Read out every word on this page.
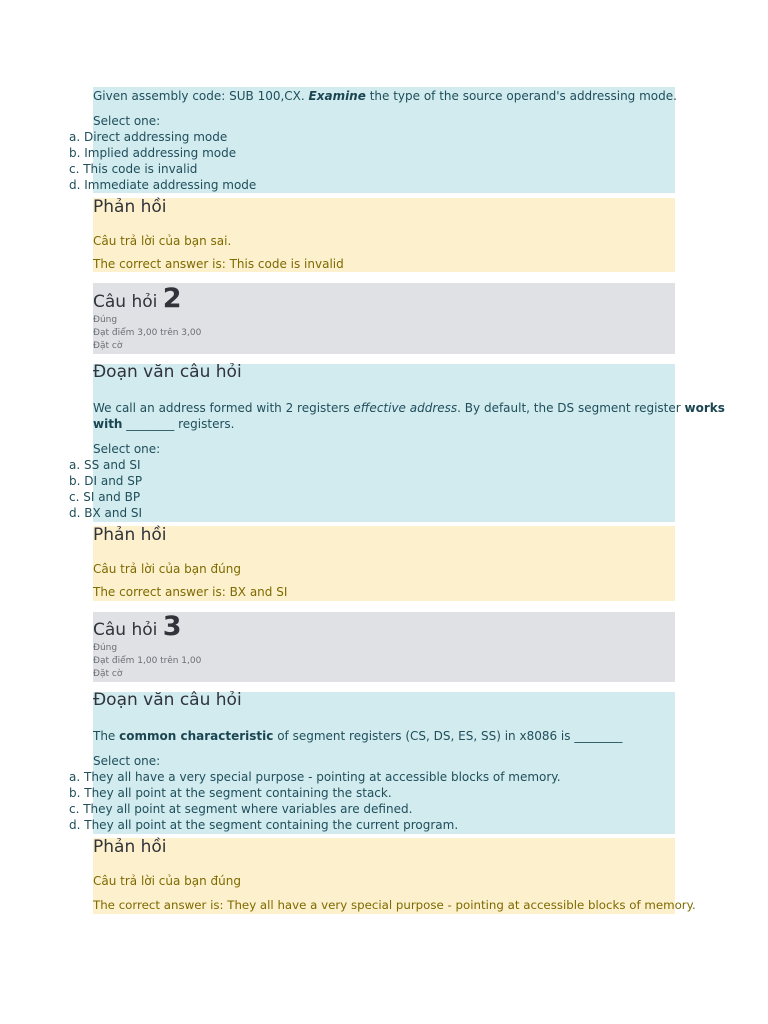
Given assembly code: SUB 100,CX. Examine the type of the source operand's addressing mode.
Select one:
a. Direct addressing mode
b. Implied addressing mode
c. This code is invalid
d. Immediate addressing mode
Phản hồi
Câu trả lời của bạn sai.
The correct answer is: This code is invalid
Câu hỏi 2
Đúng
Đạt điểm 3,00 trên 3,00
Đặt cờ
Đoạn văn câu hỏi
We call an address formed with 2 registers effective address. By default, the DS segment register works
with ________ registers.
Select one:
a. SS and SI
b. DI and SP
c. SI and BP
d. BX and SI
Phản hồi
Câu trả lời của bạn đúng
The correct answer is: BX and SI
Câu hỏi 3
Đúng
Đạt điểm 1,00 trên 1,00
Đặt cờ
Đoạn văn câu hỏi
The common characteristic of segment registers (CS, DS, ES, SS) in x8086 is ________
Select one:
a. They all have a very special purpose - pointing at accessible blocks of memory.
b. They all point at the segment containing the stack.
c. They all point at segment where variables are defined.
d. They all point at the segment containing the current program.
Phản hồi
Câu trả lời của bạn đúng
The correct answer is: They all have a very special purpose - pointing at accessible blocks of memory.
